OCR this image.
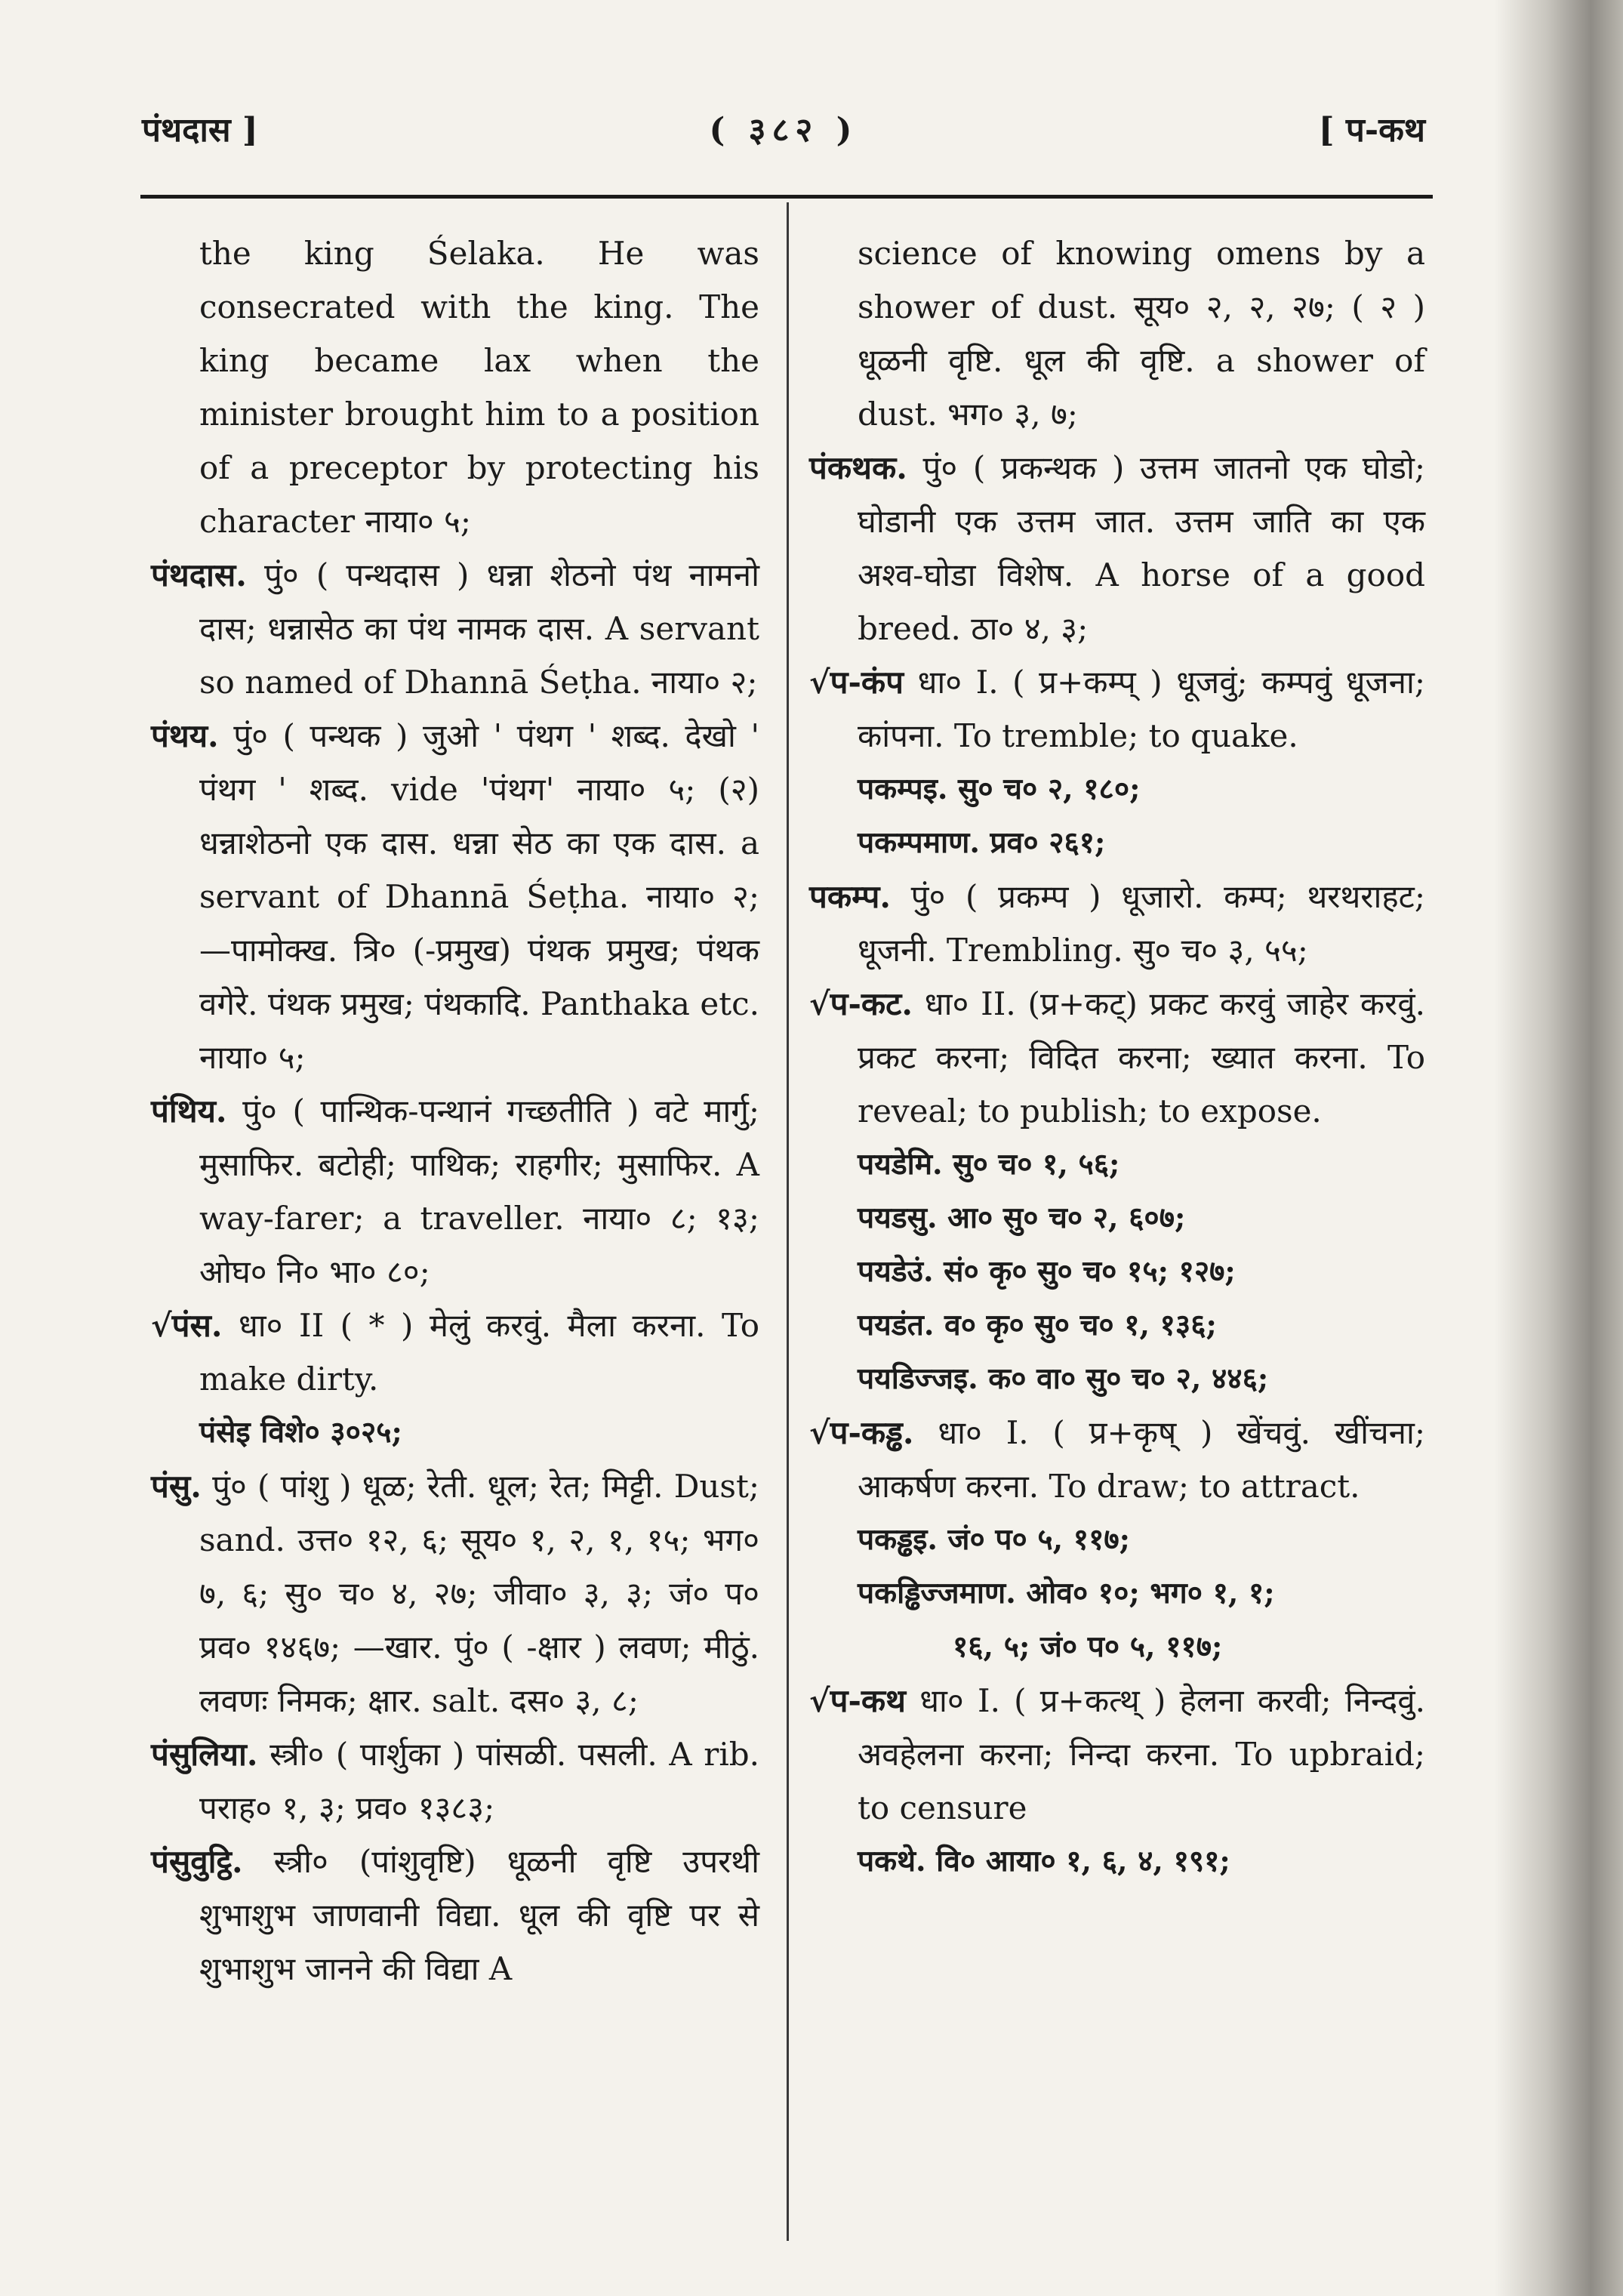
पंथदास ]	( ३८२ )	[ प-कथ

the king Śelaka. He was consecrated with the king. The king became lax when the minister brought him to a position of a preceptor by protecting his character नाया० ५;

पंथदास. पुं० ( पन्थदास ) धन्ना शेठनो पंथ नामनो दास; धन्नासेठ का पंथ नामक दास. A servant so named of Dhannā Śeṭha. नाया० २;

पंथय. पुं० ( पन्थक ) जुओ ' पंथग ' शब्द. देखो ' पंथग ' शब्द. vide 'पंथग' नाया० ५; (२) धन्नाशेठनो एक दास. धन्ना सेठ का एक दास. a servant of Dhannā Śeṭha. नाया० २; —पामोक्ख. त्रि० (-प्रमुख) पंथक प्रमुख; पंथक वगेरे. पंथक प्रमुख; पंथकादि. Panthaka etc. नाया० ५;

पंथिय. पुं० ( पान्थिक-पन्थानं गच्छतीति ) वटे मार्गु; मुसाफिर. बटोही; पाथिक; राहगीर; मुसाफिर. A way-farer; a traveller. नाया० ८; १३; ओघ० नि० भा० ८०;

√पंस. धा० II ( * ) मेलुं करवुं. मैला करना. To make dirty.

पंसेइ विशे० ३०२५;

पंसु. पुं० ( पांशु ) धूळ; रेती. धूल; रेत; मिट्टी. Dust; sand. उत्त० १२, ६; सूय० १, २, १, १५; भग० ७, ६; सु० च० ४, २७; जीवा० ३, ३; जं० प० प्रव० १४६७; —खार. पुं० ( -क्षार ) लवण; मीठुं. लवणः निमक; क्षार. salt. दस० ३, ८;

पंसुलिया. स्त्री० ( पार्शुका ) पांसळी. पसली. A rib. पराह० १, ३; प्रव० १३८३;

पंसुवुट्ठि. स्त्री० (पांशुवृष्टि) धूळनी वृष्टि उपरथी शुभाशुभ जाणवानी विद्या. धूल की वृष्टि पर से शुभाशुभ जानने की विद्या A

science of knowing omens by a shower of dust. सूय० २, २, २७; ( २ ) धूळनी वृष्टि. धूल की वृष्टि. a shower of dust. भग० ३, ७;

पंकथक. पुं० ( प्रकन्थक ) उत्तम जातनो एक घोडो; घोडानी एक उत्तम जात. उत्तम जाति का एक अश्व-घोडा विशेष. A horse of a good breed. ठा० ४, ३;

√प-कंप धा० I. ( प्र+कम्प् ) धूजवुं; कम्पवुं धूजना; कांपना. To tremble; to quake.

पकम्पइ. सु० च० २, १८०;

पकम्पमाण. प्रव० २६१;

पकम्प. पुं० ( प्रकम्प ) धूजारो. कम्प; थरथराहट; धूजनी. Trembling. सु० च० ३, ५५;

√प-कट. धा० II. (प्र+कट्) प्रकट करवुं जाहेर करवुं. प्रकट करना; विदित करना; ख्यात करना. To reveal; to publish; to expose.

पयडेमि. सु० च० १, ५६;

पयडसु. आ० सु० च० २, ६०७;

पयडेउं. सं० कृ० सु० च० १५; १२७;

पयडंत. व० कृ० सु० च० १, १३६;

पयडिज्जइ. क० वा० सु० च० २, ४४६;

√प-कड्ढ. धा० I. ( प्र+कृष् ) खेंचवुं. खींचना; आकर्षण करना. To draw; to attract.

पकड्ढइ. जं० प० ५, ११७;

पकड्ढिज्जमाण. ओव० १०; भग० १, १;

१६, ५; जं० प० ५, ११७;

√प-कथ धा० I. ( प्र+कत्थ् ) हेलना करवी; निन्दवुं. अवहेलना करना; निन्दा करना. To upbraid; to censure

पकथे. वि० आया० १, ६, ४, १९१;
